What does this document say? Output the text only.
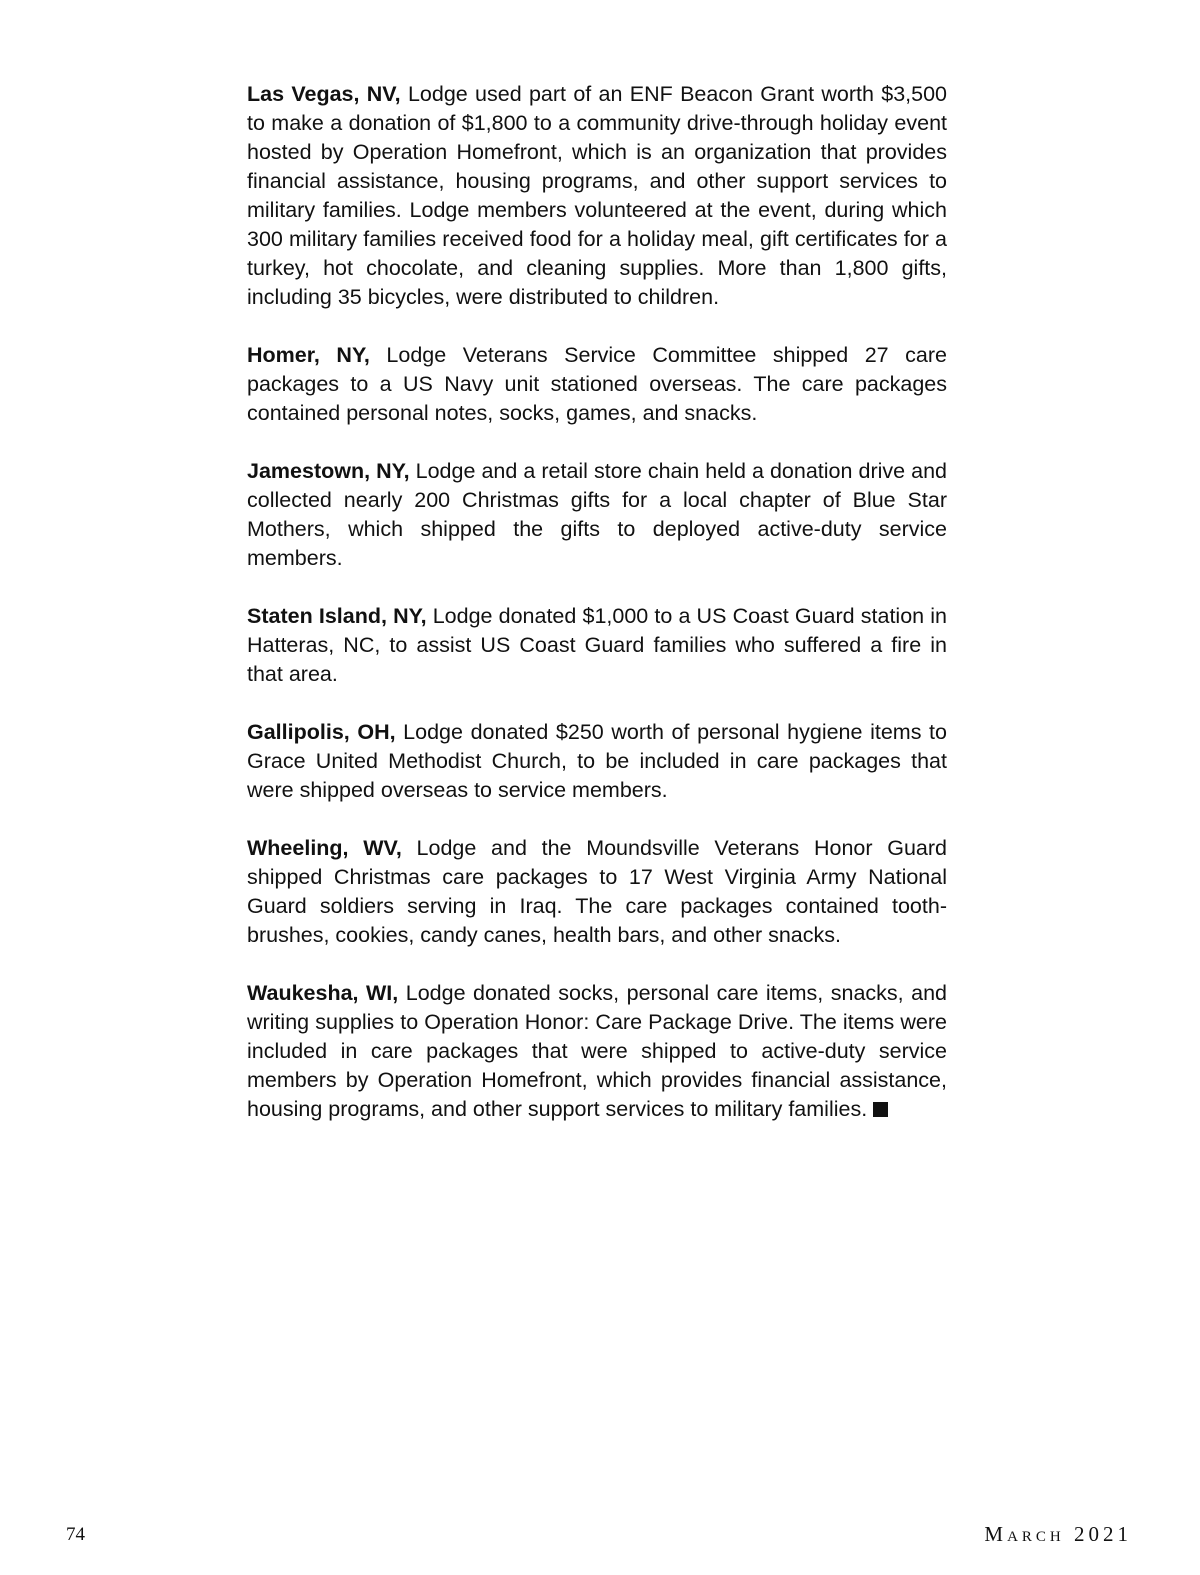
Las Vegas, NV, Lodge used part of an ENF Beacon Grant worth $3,500 to make a donation of $1,800 to a community drive-through holiday event hosted by Operation Homefront, which is an organization that provides financial assistance, housing programs, and other support services to military families. Lodge members volunteered at the event, during which 300 military families received food for a holiday meal, gift certificates for a turkey, hot chocolate, and cleaning supplies. More than 1,800 gifts, including 35 bicycles, were distributed to children.

Homer, NY, Lodge Veterans Service Committee shipped 27 care packages to a US Navy unit stationed overseas. The care packages contained personal notes, socks, games, and snacks.

Jamestown, NY, Lodge and a retail store chain held a donation drive and collected nearly 200 Christmas gifts for a local chapter of Blue Star Mothers, which shipped the gifts to deployed active-duty service members.

Staten Island, NY, Lodge donated $1,000 to a US Coast Guard station in Hatteras, NC, to assist US Coast Guard families who suffered a fire in that area.

Gallipolis, OH, Lodge donated $250 worth of personal hygiene items to Grace United Methodist Church, to be included in care packages that were shipped overseas to service members.

Wheeling, WV, Lodge and the Moundsville Veterans Honor Guard shipped Christmas care packages to 17 West Virginia Army National Guard soldiers serving in Iraq. The care packages contained toothbrushes, cookies, candy canes, health bars, and other snacks.

Waukesha, WI, Lodge donated socks, personal care items, snacks, and writing supplies to Operation Honor: Care Package Drive. The items were included in care packages that were shipped to active-duty service members by Operation Homefront, which provides financial assistance, housing programs, and other support services to military families.

74	March 2021
